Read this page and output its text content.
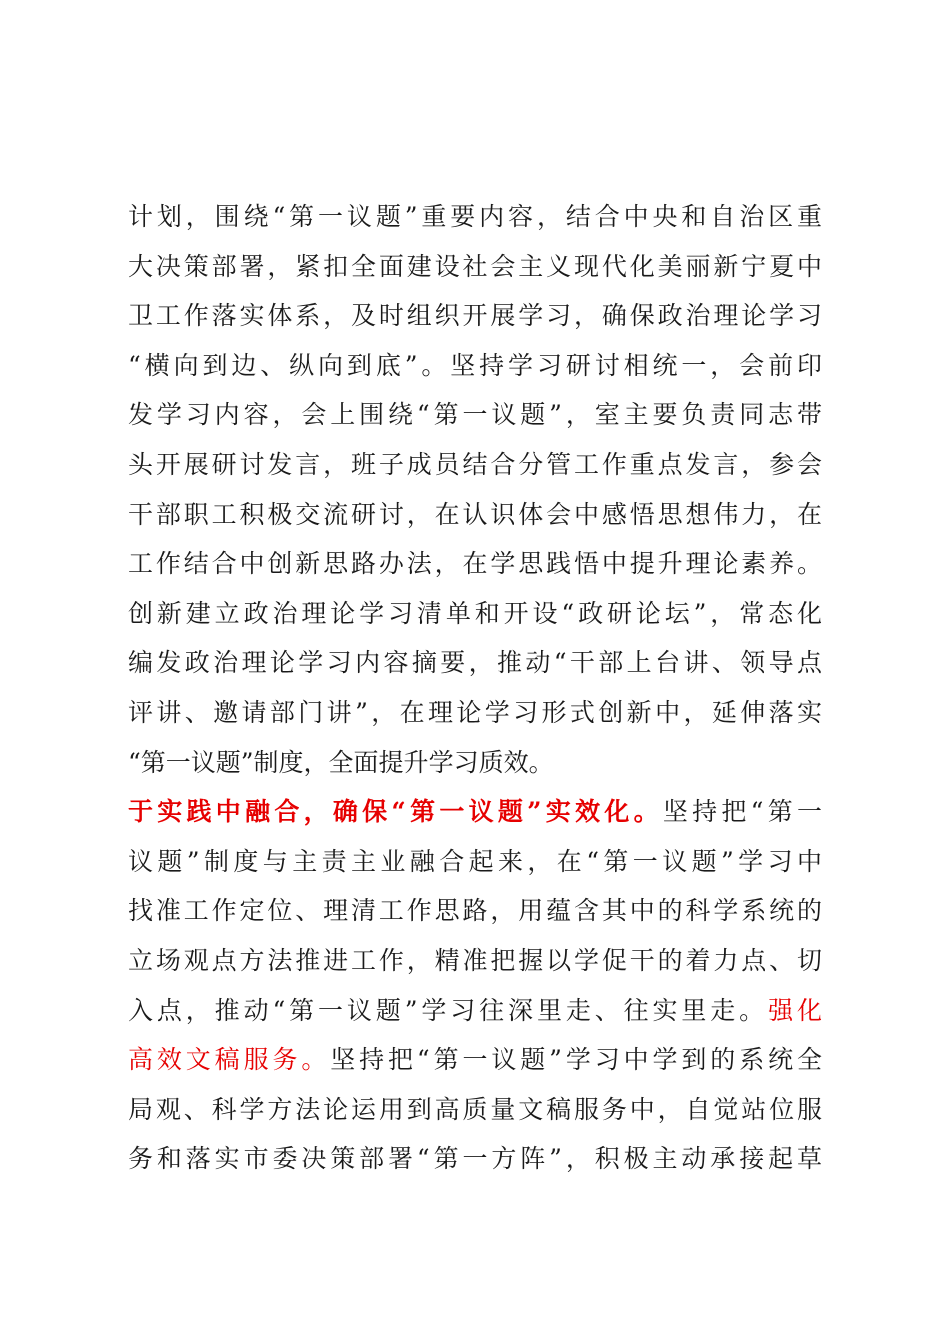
计划，围绕“第一议题”重要内容，结合中央和自治区重
大决策部署，紧扣全面建设社会主义现代化美丽新宁夏中
卫工作落实体系，及时组织开展学习，确保政治理论学习
“横向到边、纵向到底”。坚持学习研讨相统一，会前印
发学习内容，会上围绕“第一议题”，室主要负责同志带
头开展研讨发言，班子成员结合分管工作重点发言，参会
干部职工积极交流研讨，在认识体会中感悟思想伟力，在
工作结合中创新思路办法，在学思践悟中提升理论素养。
创新建立政治理论学习清单和开设“政研论坛”，常态化
编发政治理论学习内容摘要，推动“干部上台讲、领导点
评讲、邀请部门讲”，在理论学习形式创新中，延伸落实
“第一议题”制度，全面提升学习质效。
于实践中融合，确保“第一议题”实效化。坚持把“第一
议题”制度与主责主业融合起来，在“第一议题”学习中
找准工作定位、理清工作思路，用蕴含其中的科学系统的
立场观点方法推进工作，精准把握以学促干的着力点、切
入点，推动“第一议题”学习往深里走、往实里走。强化
高效文稿服务。坚持把“第一议题”学习中学到的系统全
局观、科学方法论运用到高质量文稿服务中，自觉站位服
务和落实市委决策部署“第一方阵”，积极主动承接起草
